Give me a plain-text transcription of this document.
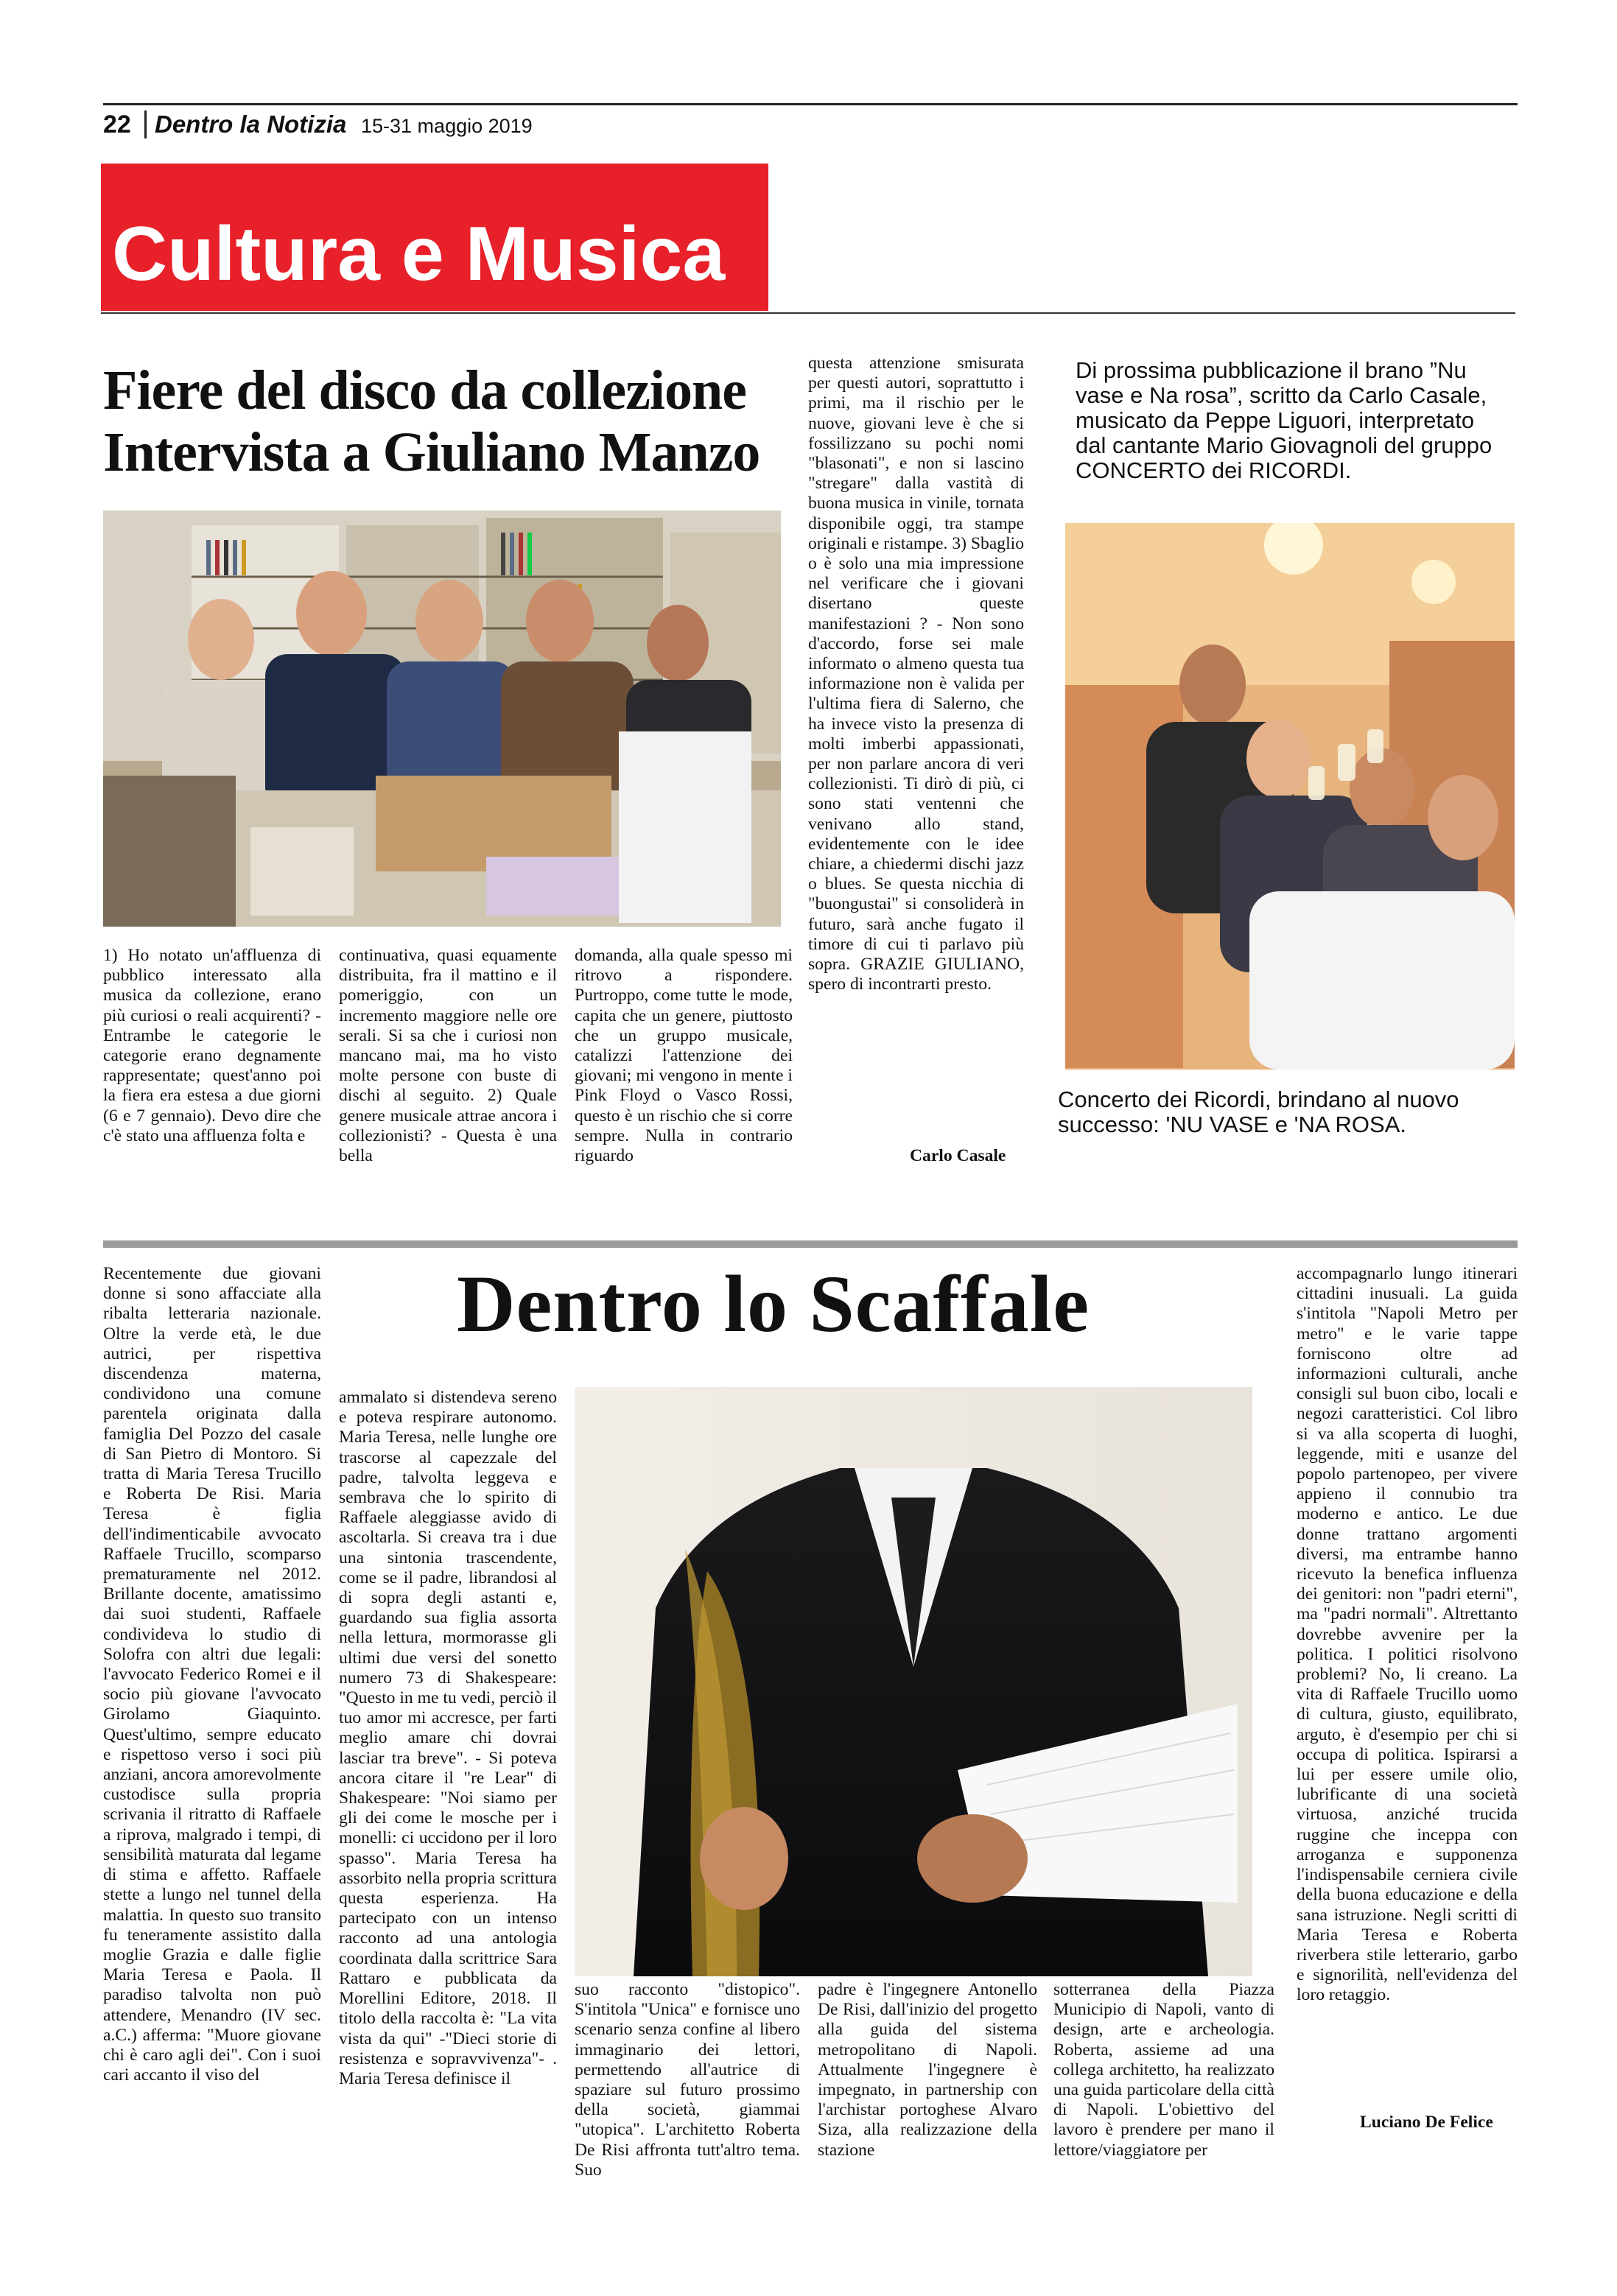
22 Dentro la Notizia 15-31 maggio 2019
Cultura e Musica
Fiere del disco da collezione
Intervista a Giuliano Manzo
1) Ho notato un'affluenza di pubblico interessato alla musica da collezione, erano più curiosi o reali acquirenti? - Entrambe le categorie le categorie erano degnamente rappresentate; quest'anno poi la fiera era estesa a due giorni (6 e 7 gennaio). Devo dire che c'è stato una affluenza folta e
continuativa, quasi equamente distribuita, fra il mattino e il pomeriggio, con un incremento maggiore nelle ore serali. Si sa che i curiosi non mancano mai, ma ho visto molte persone con buste di dischi al seguito. 2) Quale genere musicale attrae ancora i collezionisti? - Questa è una bella
domanda, alla quale spesso mi ritrovo a rispondere. Purtroppo, come tutte le mode, capita che un genere, piuttosto che un gruppo musicale, catalizzi l'attenzione dei giovani; mi vengono in mente i Pink Floyd o Vasco Rossi, questo è un rischio che si corre sempre. Nulla in contrario riguardo
questa attenzione smisurata per questi autori, soprattutto i primi, ma il rischio per le nuove, giovani leve è che si fossilizzano su pochi nomi "blasonati", e non si lascino "stregare" dalla vastità di buona musica in vinile, tornata disponibile oggi, tra stampe originali e ristampe. 3) Sbaglio o è solo una mia impressione nel verificare che i giovani disertano queste manifestazioni ? - Non sono d'accordo, forse sei male informato o almeno questa tua informazione non è valida per l'ultima fiera di Salerno, che ha invece visto la presenza di molti imberbi appassionati, per non parlare ancora di veri collezionisti. Ti dirò di più, ci sono stati ventenni che venivano allo stand, evidentemente con le idee chiare, a chiedermi dischi jazz o blues. Se questa nicchia di "buongustai" si consoliderà in futuro, sarà anche fugato il timore di cui ti parlavo più sopra. GRAZIE GIULIANO, spero di incontrarti presto.
Carlo Casale
Di prossima pubblicazione il brano ”Nu vase e Na rosa”, scritto da Carlo Casale, musicato da Peppe Liguori, interpretato dal cantante Mario Giovagnoli del gruppo CONCERTO dei RICORDI.
Concerto dei Ricordi, brindano al nuovo successo: 'NU VASE e 'NA ROSA.
Dentro lo Scaffale
Recentemente due giovani donne si sono affacciate alla ribalta letteraria nazionale. Oltre la verde età, le due autrici, per rispettiva discendenza materna, condividono una comune parentela originata dalla famiglia Del Pozzo del casale di San Pietro di Montoro. Si tratta di Maria Teresa Trucillo e Roberta De Risi. Maria Teresa è figlia dell'indimenticabile avvocato Raffaele Trucillo, scomparso prematuramente nel 2012. Brillante docente, amatissimo dai suoi studenti, Raffaele condivideva lo studio di Solofra con altri due legali: l'avvocato Federico Romei e il socio più giovane l'avvocato Girolamo Giaquinto. Quest'ultimo, sempre educato e rispettoso verso i soci più anziani, ancora amorevolmente custodisce sulla propria scrivania il ritratto di Raffaele a riprova, malgrado i tempi, di sensibilità maturata dal legame di stima e affetto. Raffaele stette a lungo nel tunnel della malattia. In questo suo transito fu teneramente assistito dalla moglie Grazia e dalle figlie Maria Teresa e Paola. Il paradiso talvolta non può attendere, Menandro (IV sec. a.C.) afferma: "Muore giovane chi è caro agli dei". Con i suoi cari accanto il viso del
ammalato si distendeva sereno e poteva respirare autonomo. Maria Teresa, nelle lunghe ore trascorse al capezzale del padre, talvolta leggeva e sembrava che lo spirito di Raffaele aleggiasse avido di ascoltarla. Si creava tra i due una sintonia trascendente, come se il padre, librandosi al di sopra degli astanti e, guardando sua figlia assorta nella lettura, mormorasse gli ultimi due versi del sonetto numero 73 di Shakespeare: "Questo in me tu vedi, perciò il tuo amor mi accresce, per farti meglio amare chi dovrai lasciar tra breve". - Si poteva ancora citare il "re Lear" di Shakespeare: "Noi siamo per gli dei come le mosche per i monelli: ci uccidono per il loro spasso". Maria Teresa ha assorbito nella propria scrittura questa esperienza. Ha partecipato con un intenso racconto ad una antologia coordinata dalla scrittrice Sara Rattaro e pubblicata da Morellini Editore, 2018. Il titolo della raccolta è: "La vita vista da qui" -"Dieci storie di resistenza e sopravvivenza"- . Maria Teresa definisce il
suo racconto "distopico". S'intitola "Unica" e fornisce uno scenario senza confine al libero immaginario dei lettori, permettendo all'autrice di spaziare sul futuro prossimo della società, giammai "utopica". L'architetto Roberta De Risi affronta tutt'altro tema. Suo
padre è l'ingegnere Antonello De Risi, dall'inizio del progetto alla guida del sistema metropolitano di Napoli. Attualmente l'ingegnere è impegnato, in partnership con l'archistar portoghese Alvaro Siza, alla realizzazione della stazione
sotterranea della Piazza Municipio di Napoli, vanto di design, arte e archeologia. Roberta, assieme ad una collega architetto, ha realizzato una guida particolare della città di Napoli. L'obiettivo del lavoro è prendere per mano il lettore/viaggiatore per
accompagnarlo lungo itinerari cittadini inusuali. La guida s'intitola "Napoli Metro per metro" e le varie tappe forniscono oltre ad informazioni culturali, anche consigli sul buon cibo, locali e negozi caratteristici. Col libro si va alla scoperta di luoghi, leggende, miti e usanze del popolo partenopeo, per vivere appieno il connubio tra moderno e antico. Le due donne trattano argomenti diversi, ma entrambe hanno ricevuto la benefica influenza dei genitori: non "padri eterni", ma "padri normali". Altrettanto dovrebbe avvenire per la politica. I politici risolvono problemi? No, li creano. La vita di Raffaele Trucillo uomo di cultura, giusto, equilibrato, arguto, è d'esempio per chi si occupa di politica. Ispirarsi a lui per essere umile olio, lubrificante di una società virtuosa, anziché trucida ruggine che inceppa con arroganza e supponenza l'indispensabile cerniera civile della buona educazione e della sana istruzione. Negli scritti di Maria Teresa e Roberta riverbera stile letterario, garbo e signorilità, nell'evidenza del loro retaggio.
Luciano De Felice
